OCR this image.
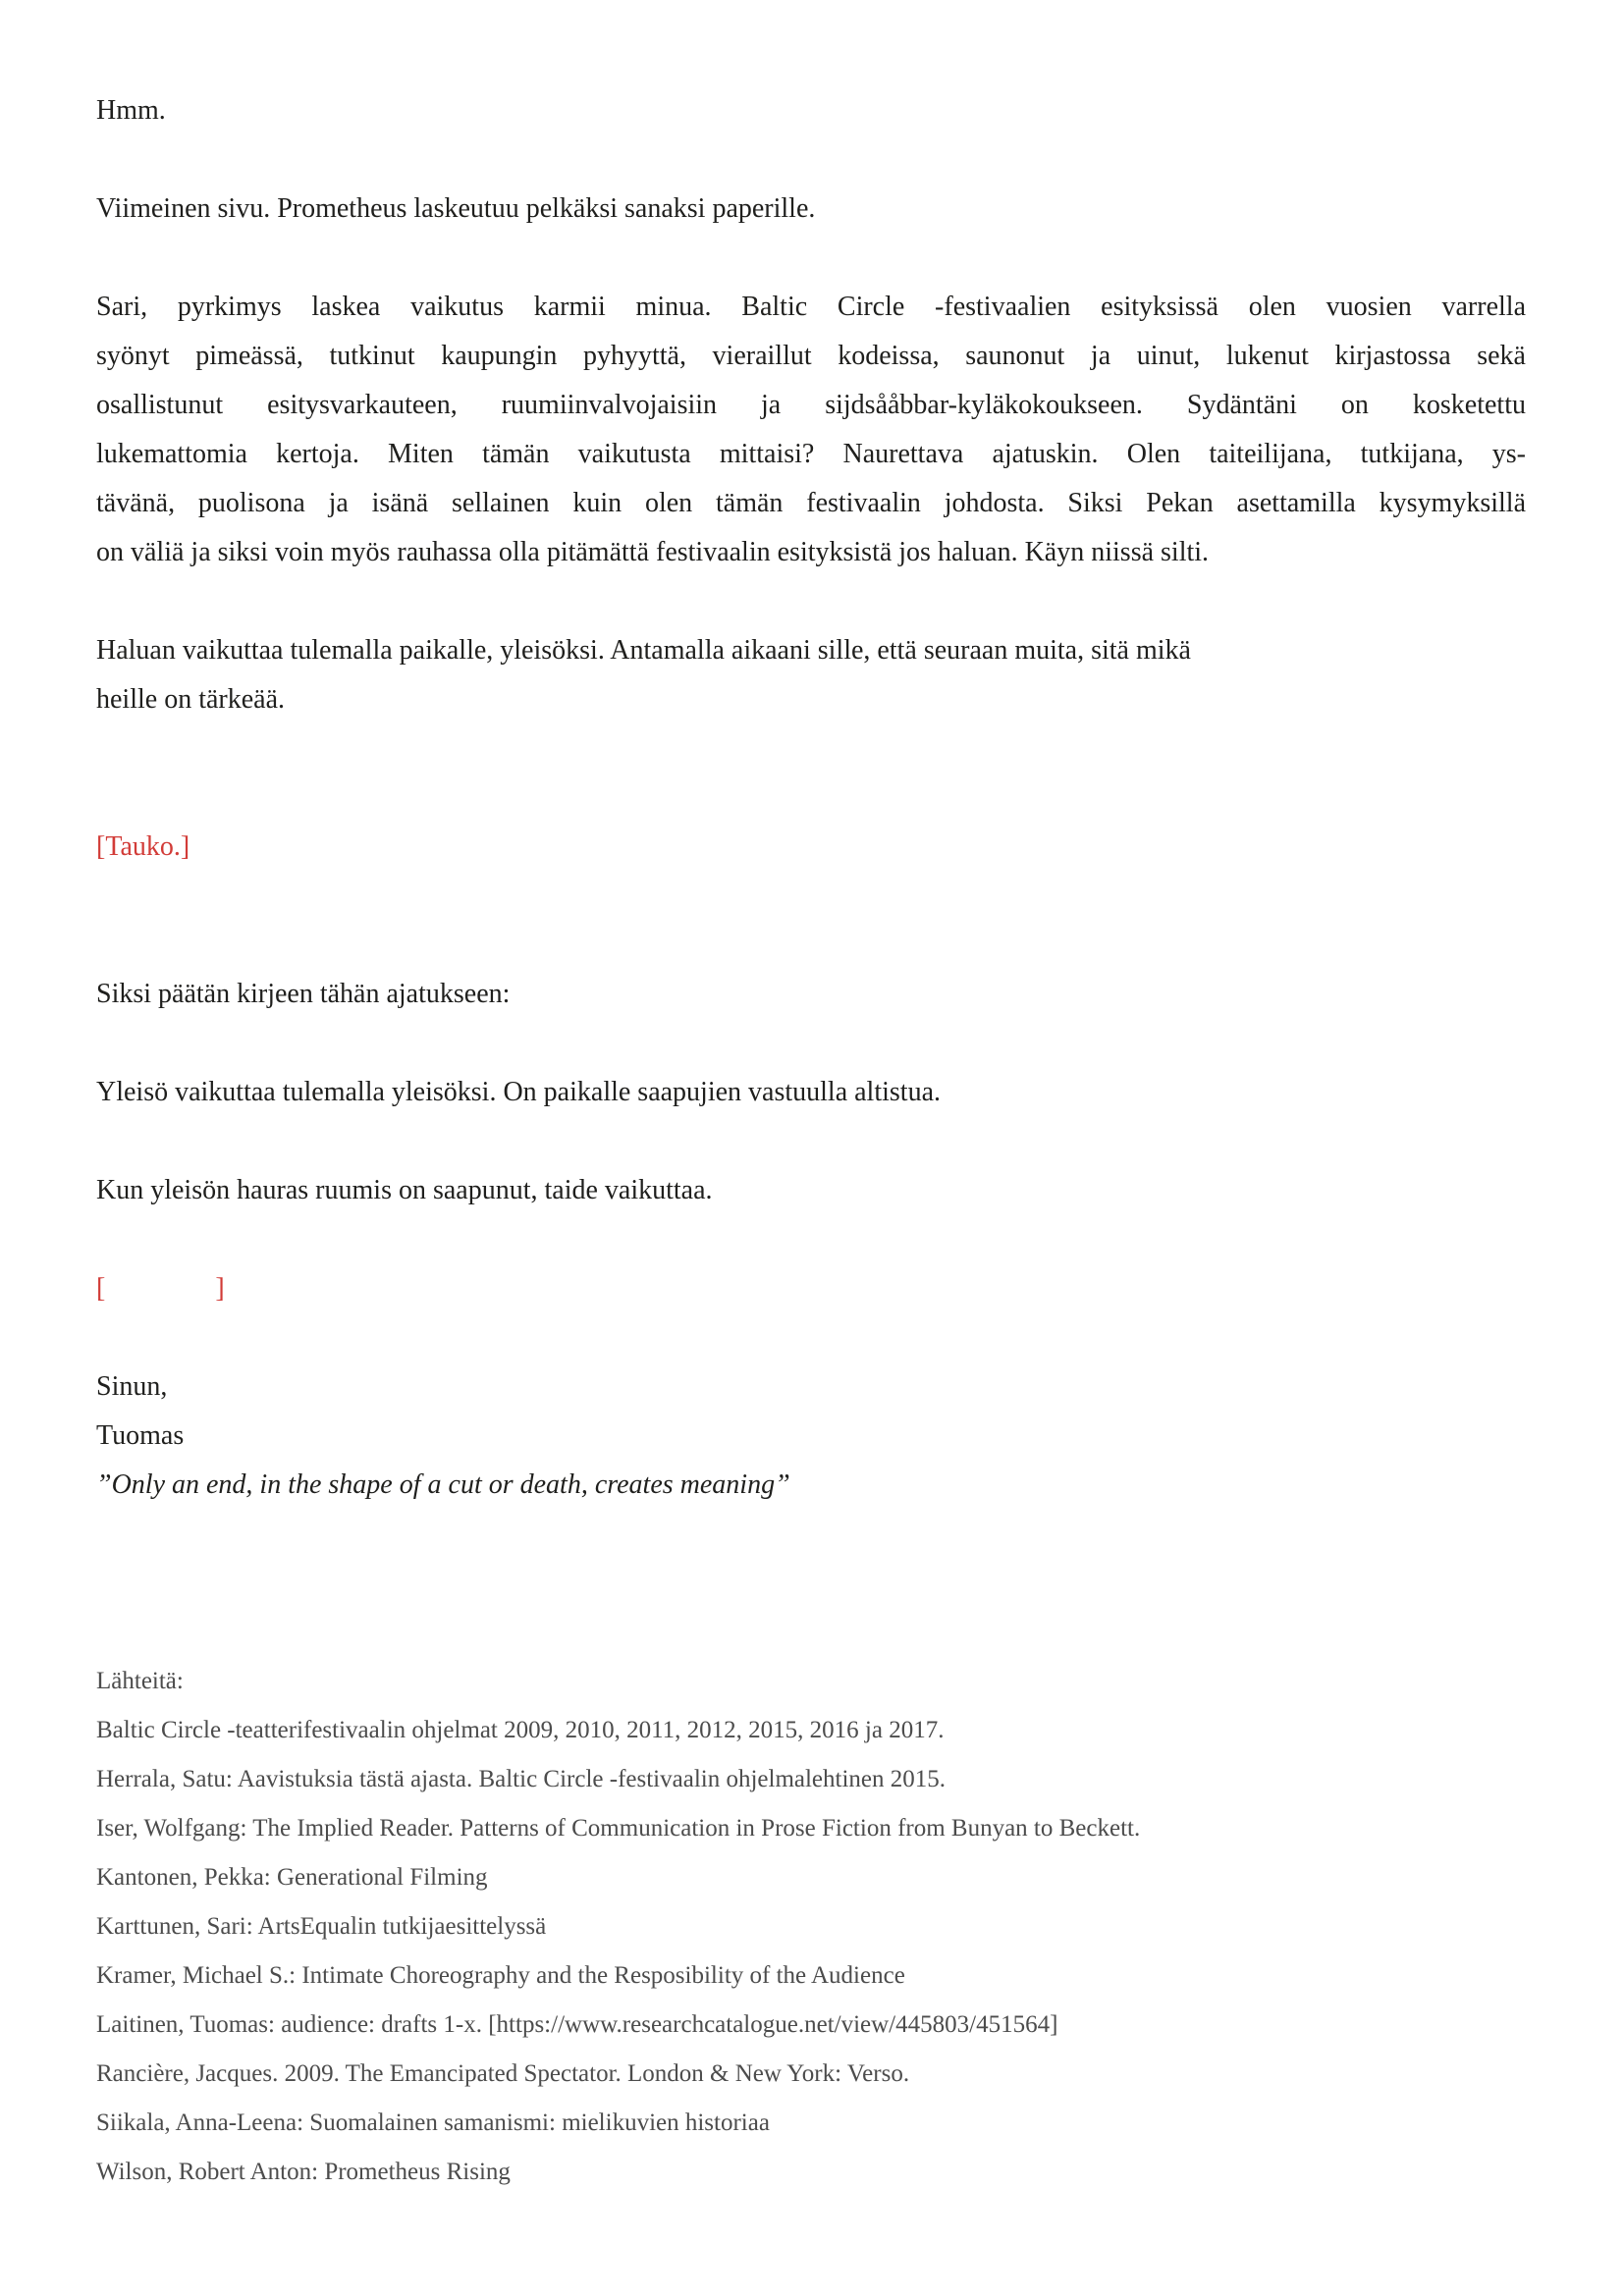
Hmm.
Viimeinen sivu. Prometheus laskeutuu pelkäksi sanaksi paperille.
Sari, pyrkimys laskea vaikutus karmii minua. Baltic Circle -festivaalien esityksissä olen vuosien varrella
syönyt pimeässä, tutkinut kaupungin pyhyyttä, vieraillut kodeissa, saunonut ja uinut, lukenut kirjastossa sekä
osallistunut esitysvarkauteen, ruumiinvalvojaisiin ja sijdsååbbar-kyläkokoukseen. Sydäntäni on kosketettu
lukemattomia kertoja. Miten tämän vaikutusta mittaisi? Naurettava ajatuskin. Olen taiteilijana, tutkijana, ys-
tävänä, puolisona ja isänä sellainen kuin olen tämän festivaalin johdosta. Siksi Pekan asettamilla kysymyksillä
on väliä ja siksi voin myös rauhassa olla pitämättä festivaalin esityksistä jos haluan. Käyn niissä silti.
Haluan vaikuttaa tulemalla paikalle, yleisöksi. Antamalla aikaani sille, että seuraan muita, sitä mikä
heille on tärkeää.
[Tauko.]
Siksi päätän kirjeen tähän ajatukseen:
Yleisö vaikuttaa tulemalla yleisöksi. On paikalle saapujien vastuulla altistua.
Kun yleisön hauras ruumis on saapunut, taide vaikuttaa.
[                ]
Sinun,
Tuomas
”Only an end, in the shape of a cut or death, creates meaning”
Lähteitä:
Baltic Circle -teatterifestivaalin ohjelmat 2009, 2010, 2011, 2012, 2015, 2016 ja 2017.
Herrala, Satu: Aavistuksia tästä ajasta. Baltic Circle -festivaalin ohjelmalehtinen 2015.
Iser, Wolfgang: The Implied Reader. Patterns of Communication in Prose Fiction from Bunyan to Beckett.
Kantonen, Pekka: Generational Filming
Karttunen, Sari: ArtsEqualin tutkijaesittelyssä
Kramer, Michael S.: Intimate Choreography and the Resposibility of the Audience
Laitinen, Tuomas: audience: drafts 1-x. [https://www.researchcatalogue.net/view/445803/451564]
Rancière, Jacques. 2009. The Emancipated Spectator. London & New York: Verso.
Siikala, Anna-Leena: Suomalainen samanismi: mielikuvien historiaa
Wilson, Robert Anton: Prometheus Rising
